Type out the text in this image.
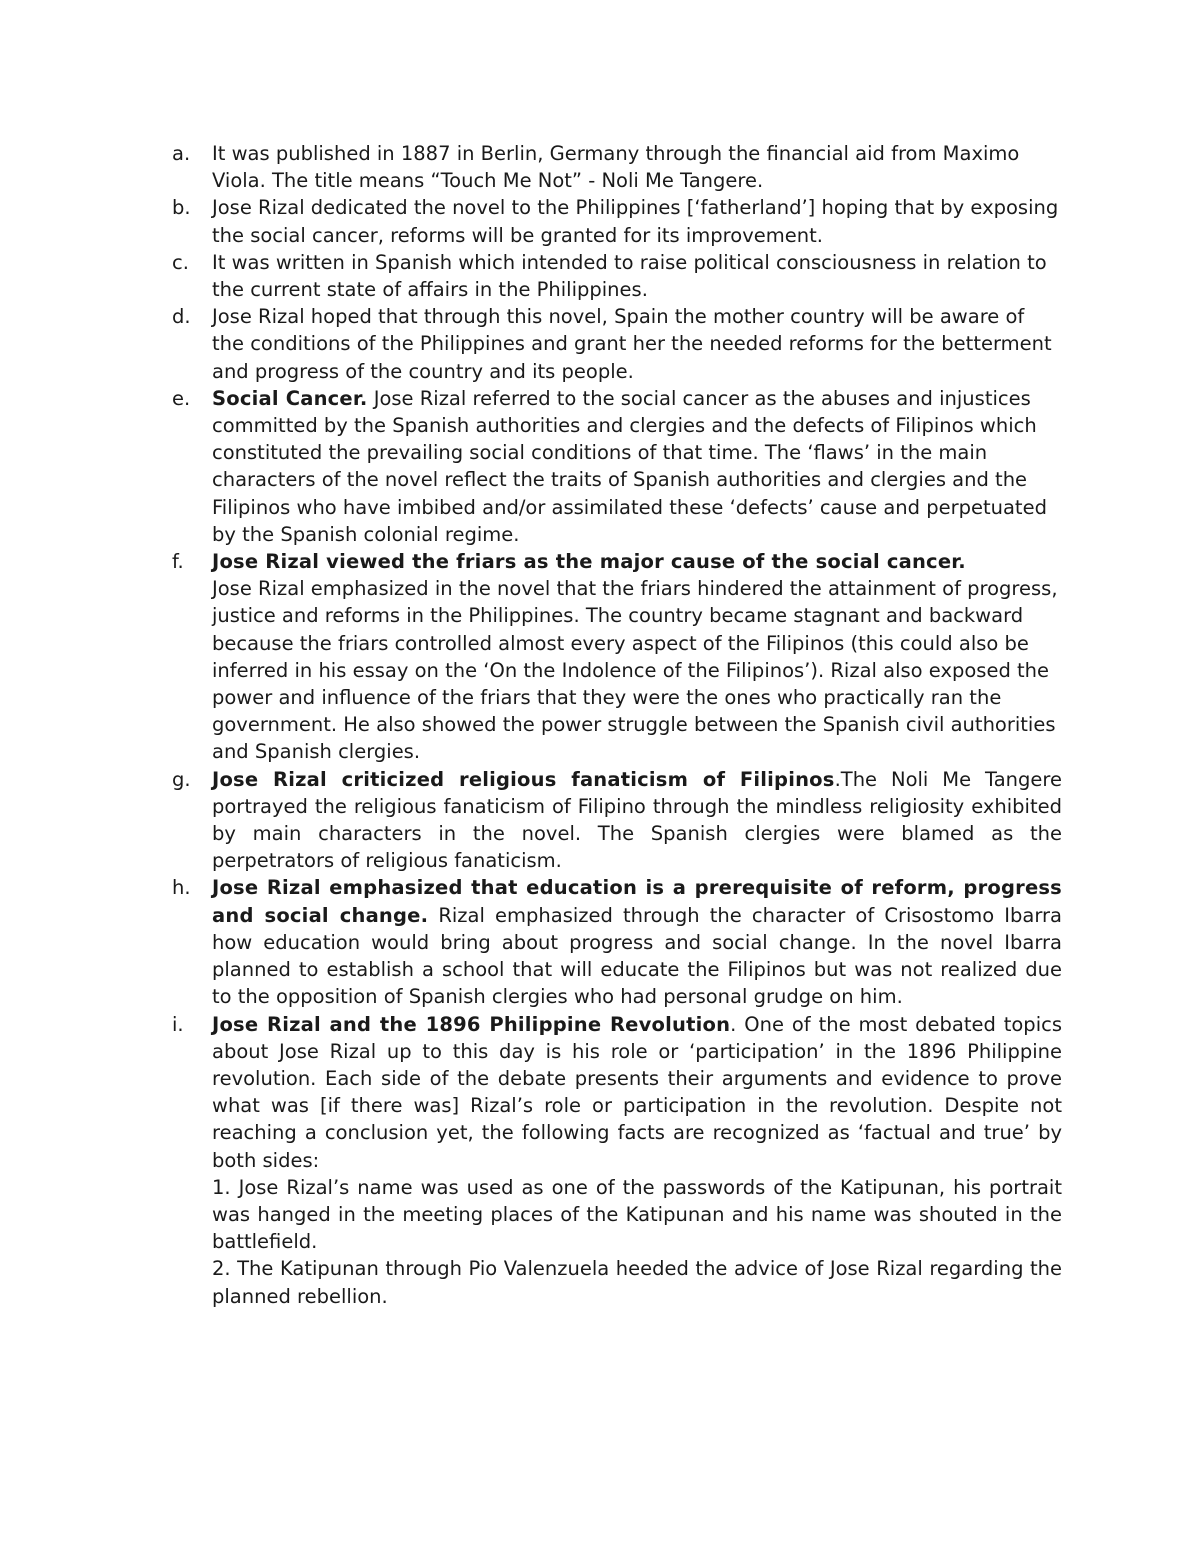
a.	It was published in 1887 in Berlin, Germany through the financial aid from Maximo Viola. The title means “Touch Me Not” - Noli Me Tangere.
b.	Jose Rizal dedicated the novel to the Philippines [‘fatherland’] hoping that by exposing the social cancer, reforms will be granted for its improvement.
c.	It was written in Spanish which intended to raise political consciousness in relation to the current state of affairs in the Philippines.
d.	Jose Rizal hoped that through this novel, Spain the mother country will be aware of the conditions of the Philippines and grant her the needed reforms for the betterment and progress of the country and its people.
e.	Social Cancer. Jose Rizal referred to the social cancer as the abuses and injustices committed by the Spanish authorities and clergies and the defects of Filipinos which constituted the prevailing social conditions of that time. The ‘flaws’ in the main characters of the novel reflect the traits of Spanish authorities and clergies and the Filipinos who have imbibed and/or assimilated these ‘defects’ cause and perpetuated by the Spanish colonial regime.
f.	Jose Rizal viewed the friars as the major cause of the social cancer.
Jose Rizal emphasized in the novel that the friars hindered the attainment of progress, justice and reforms in the Philippines. The country became stagnant and backward because the friars controlled almost every aspect of the Filipinos (this could also be inferred in his essay on the ‘On the Indolence of the Filipinos’). Rizal also exposed the power and influence of the friars that they were the ones who practically ran the government. He also showed the power struggle between the Spanish civil authorities and Spanish clergies.
g.	Jose Rizal criticized religious fanaticism of Filipinos.The Noli Me Tangere portrayed the religious fanaticism of Filipino through the mindless religiosity exhibited by main characters in the novel. The Spanish clergies were blamed as the perpetrators of religious fanaticism.
h.	Jose Rizal emphasized that education is a prerequisite of reform, progress and social change. Rizal emphasized through the character of Crisostomo Ibarra how education would bring about progress and social change. In the novel Ibarra planned to establish a school that will educate the Filipinos but was not realized due to the opposition of Spanish clergies who had personal grudge on him.
i.	Jose Rizal and the 1896 Philippine Revolution. One of the most debated topics about Jose Rizal up to this day is his role or ‘participation’ in the 1896 Philippine revolution. Each side of the debate presents their arguments and evidence to prove what was [if there was] Rizal’s role or participation in the revolution. Despite not reaching a conclusion yet, the following facts are recognized as ‘factual and true’ by both sides:
1. Jose Rizal’s name was used as one of the passwords of the Katipunan, his portrait was hanged in the meeting places of the Katipunan and his name was shouted in the battlefield.
2. The Katipunan through Pio Valenzuela heeded the advice of Jose Rizal regarding the planned rebellion.
